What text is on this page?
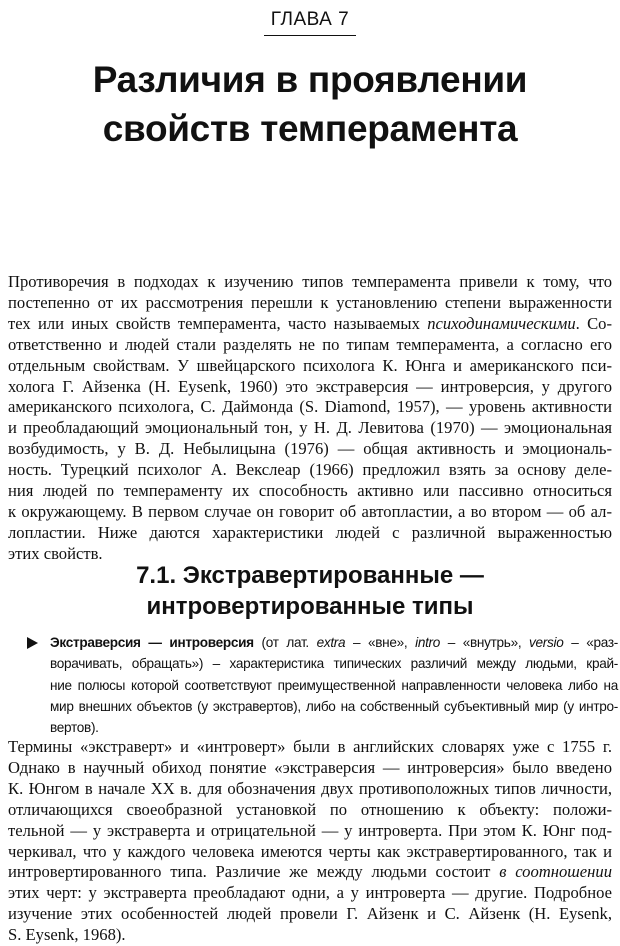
ГЛАВА 7
Различия в проявлении
свойств темперамента
Противоречия в подходах к изучению типов темперамента привели к тому, что
постепенно от их рассмотрения перешли к установлению степени выраженности
тех или иных свойств темперамента, часто называемых психодинамическими. Со-
ответственно и людей стали разделять не по типам темперамента, а согласно его
отдельным свойствам. У швейцарского психолога К. Юнга и американского пси-
холога Г. Айзенка (H. Eysenk, 1960) это экстраверсия — интроверсия, у другого
американского психолога, С. Даймонда (S. Diamond, 1957), — уровень активности
и преобладающий эмоциональный тон, у Н. Д. Левитова (1970) — эмоциональная
возбудимость, у В. Д. Небылицына (1976) — общая активность и эмоциональ-
ность. Турецкий психолог А. Векслеар (1966) предложил взять за основу деле-
ния людей по темпераменту их способность активно или пассивно относиться
к окружающему. В первом случае он говорит об автопластии, а во втором — об ал-
лопластии. Ниже даются характеристики людей с различной выраженностью
этих свойств.
7.1. Экстравертированные —
интровертированные типы
Экстраверсия — интроверсия (от лат. extra – «вне», intro – «внутрь», versio – «раз-
ворачивать, обращать») – характеристика типических различий между людьми, край-
ние полюсы которой соответствуют преимущественной направленности человека либо на
мир внешних объектов (у экстравертов), либо на собственный субъективный мир (у интро-
вертов).
Термины «экстраверт» и «интроверт» были в английских словарях уже с 1755 г.
Однако в научный обиход понятие «экстраверсия — интроверсия» было введено
К. Юнгом в начале XX в. для обозначения двух противоположных типов личности,
отличающихся своеобразной установкой по отношению к объекту: положи-
тельной — у экстраверта и отрицательной — у интроверта. При этом К. Юнг под-
черкивал, что у каждого человека имеются черты как экстравертированного, так и
интровертированного типа. Различие же между людьми состоит в соотношении
этих черт: у экстраверта преобладают одни, а у интроверта — другие. Подробное
изучение этих особенностей людей провели Г. Айзенк и С. Айзенк (H. Eysenk,
S. Eysenk, 1968).
